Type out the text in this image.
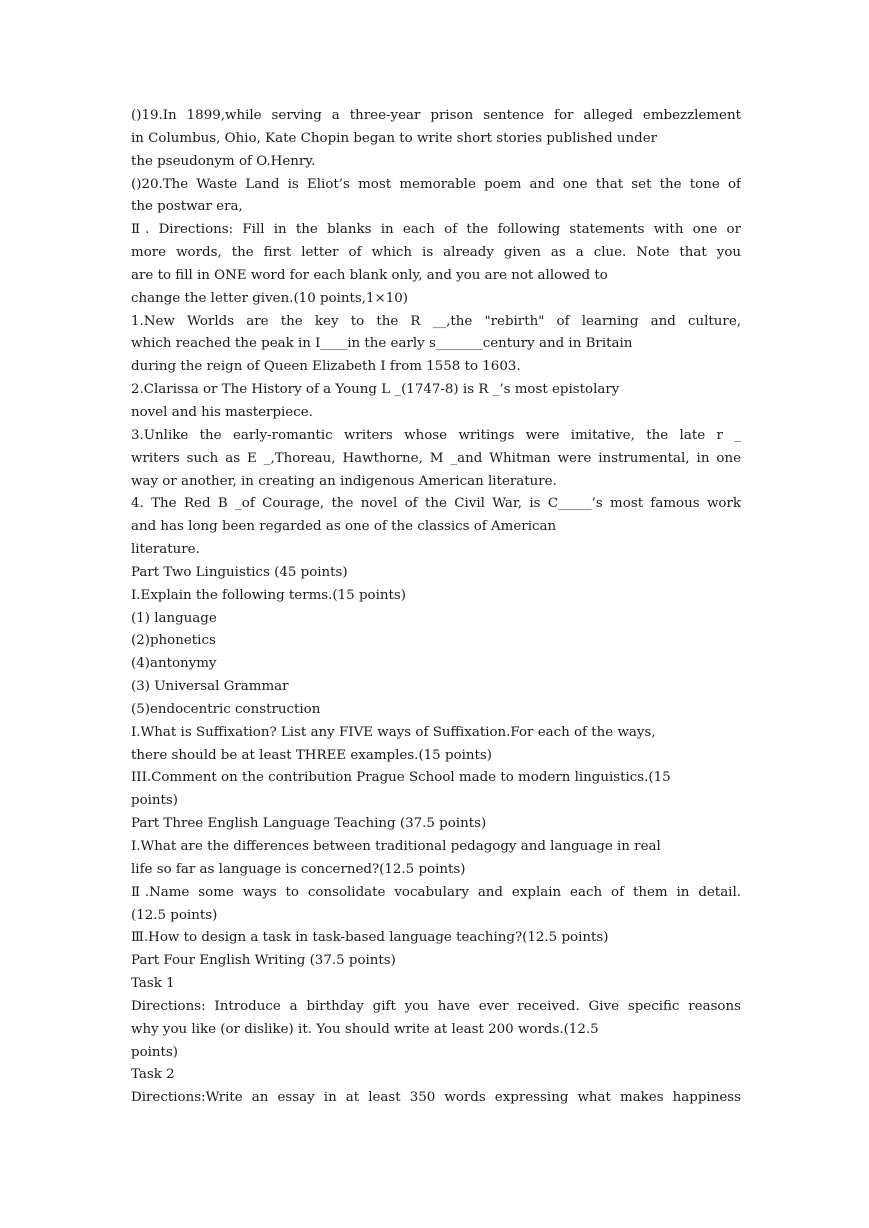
()19.In 1899,while serving a three-year prison sentence for alleged embezzlement
in Columbus, Ohio, Kate Chopin began to write short stories published under
the pseudonym of O.Henry.
()20.The Waste Land is Eliot’s most memorable poem and one that set the tone of
the postwar era,
Ⅱ. Directions: Fill in the blanks in each of the following statements with one or
more words, the first letter of which is already given as a clue. Note that you
are to fill in ONE word for each blank only, and you are not allowed to
change the letter given.(10 points,1×10)
1.New Worlds are the key to the R __,the "rebirth" of learning and culture,
which reached the peak in I____in the early s_______century and in Britain
during the reign of Queen Elizabeth I from 1558 to 1603.
2.Clarissa or The History of a Young L _(1747-8) is R _’s most epistolary
novel and his masterpiece.
3.Unlike the early-romantic writers whose writings were imitative, the late r _
writers such as E _,Thoreau, Hawthorne, M _and Whitman were instrumental, in one
way or another, in creating an indigenous American literature.
4. The Red B _of Courage, the novel of the Civil War, is C_____’s most famous work
and has long been regarded as one of the classics of American
literature.
Part Two Linguistics (45 points)
I.Explain the following terms.(15 points)
(1) language
(2)phonetics
(4)antonymy
(3) Universal Grammar
(5)endocentric construction
I.What is Suffixation? List any FIVE ways of Suffixation.For each of the ways,
there should be at least THREE examples.(15 points)
III.Comment on the contribution Prague School made to modern linguistics.(15
points)
Part Three English Language Teaching (37.5 points)
I.What are the differences between traditional pedagogy and language in real
life so far as language is concerned?(12.5 points)
Ⅱ.Name some ways to consolidate vocabulary and explain each of them in detail.
(12.5 points)
Ⅲ.How to design a task in task-based language teaching?(12.5 points)
Part Four English Writing (37.5 points)
Task 1
Directions: Introduce a birthday gift you have ever received. Give specific reasons
why you like (or dislike) it. You should write at least 200 words.(12.5
points)
Task 2
Directions:Write an essay in at least 350 words expressing what makes happiness
